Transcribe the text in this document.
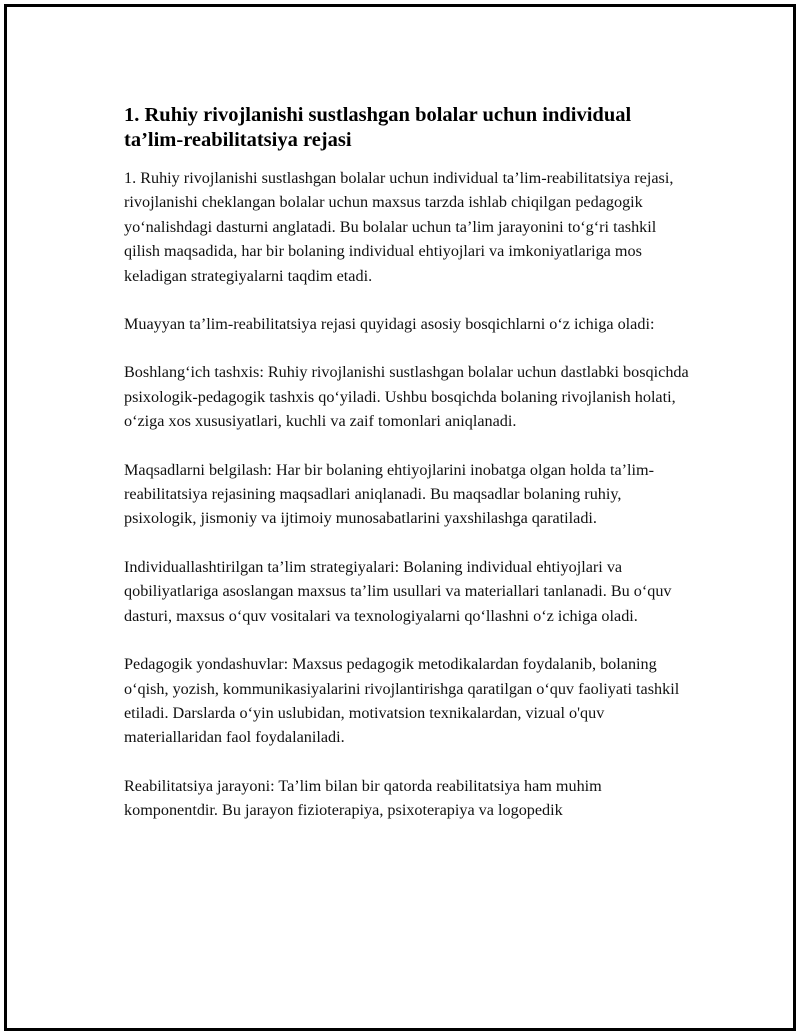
1. Ruhiy rivojlanishi sustlashgan bolalar uchun individual ta’lim-reabilitatsiya rejasi

1. Ruhiy rivojlanishi sustlashgan bolalar uchun individual ta’lim-reabilitatsiya rejasi, rivojlanishi cheklangan bolalar uchun maxsus tarzda ishlab chiqilgan pedagogik yo‘nalishdagi dasturni anglatadi. Bu bolalar uchun ta’lim jarayonini to‘g‘ri tashkil qilish maqsadida, har bir bolaning individual ehtiyojlari va imkoniyatlariga mos keladigan strategiyalarni taqdim etadi.

Muayyan ta’lim-reabilitatsiya rejasi quyidagi asosiy bosqichlarni o‘z ichiga oladi:

Boshlang‘ich tashxis: Ruhiy rivojlanishi sustlashgan bolalar uchun dastlabki bosqichda psixologik-pedagogik tashxis qo‘yiladi. Ushbu bosqichda bolaning rivojlanish holati, o‘ziga xos xususiyatlari, kuchli va zaif tomonlari aniqlanadi.

Maqsadlarni belgilash: Har bir bolaning ehtiyojlarini inobatga olgan holda ta’lim-reabilitatsiya rejasining maqsadlari aniqlanadi. Bu maqsadlar bolaning ruhiy, psixologik, jismoniy va ijtimoiy munosabatlarini yaxshilashga qaratiladi.

Individuallashtirilgan ta’lim strategiyalari: Bolaning individual ehtiyojlari va qobiliyatlariga asoslangan maxsus ta’lim usullari va materiallari tanlanadi. Bu o‘quv dasturi, maxsus o‘quv vositalari va texnologiyalarni qo‘llashni o‘z ichiga oladi.

Pedagogik yondashuvlar: Maxsus pedagogik metodikalardan foydalanib, bolaning o‘qish, yozish, kommunikasiyalarini rivojlantirishga qaratilgan o‘quv faoliyati tashkil etiladi. Darslarda o‘yin uslubidan, motivatsion texnikalardan, vizual o'quv materiallaridan faol foydalaniladi.

Reabilitatsiya jarayoni: Ta’lim bilan bir qatorda reabilitatsiya ham muhim komponentdir. Bu jarayon fizioterapiya, psixoterapiya va logopedik
